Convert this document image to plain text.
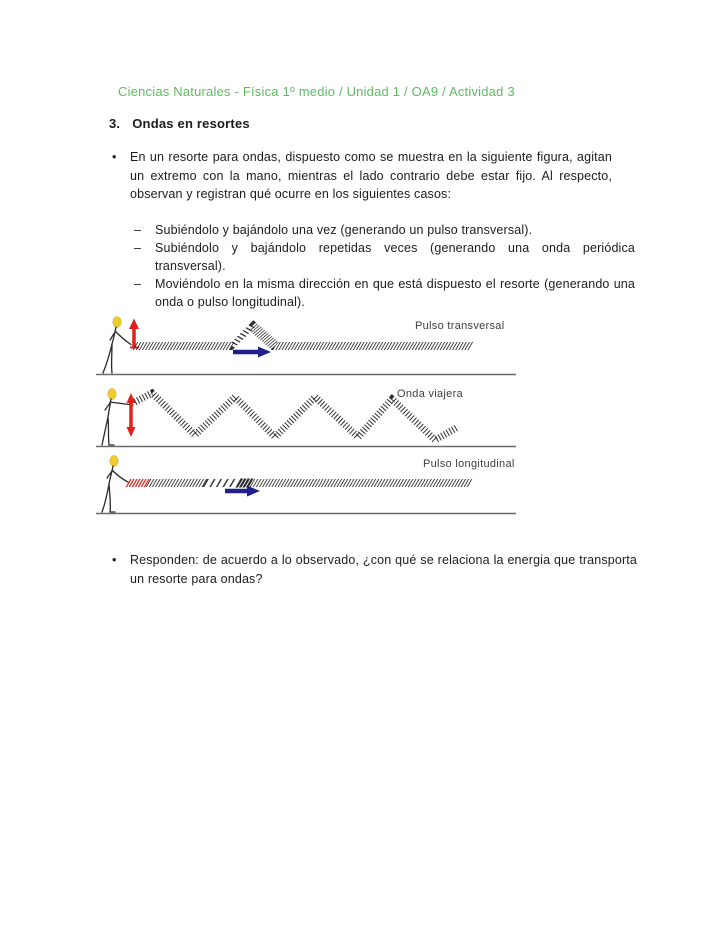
Ciencias Naturales - Física 1º medio / Unidad 1 / OA9 / Actividad 3
3. Ondas en resortes
• En un resorte para ondas, dispuesto como se muestra en la siguiente figura, agitan un extremo con la mano, mientras el lado contrario debe estar fijo. Al respecto, observan y registran qué ocurre en los siguientes casos:
– Subiéndolo y bajándolo una vez (generando un pulso transversal).
– Subiéndolo y bajándolo repetidas veces (generando una onda periódica transversal).
– Moviéndolo en la misma dirección en que está dispuesto el resorte (generando una onda o pulso longitudinal).
Pulso transversal
Onda viajera
Pulso longitudinal
• Responden: de acuerdo a lo observado, ¿con qué se relaciona la energia que transporta un resorte para ondas?
